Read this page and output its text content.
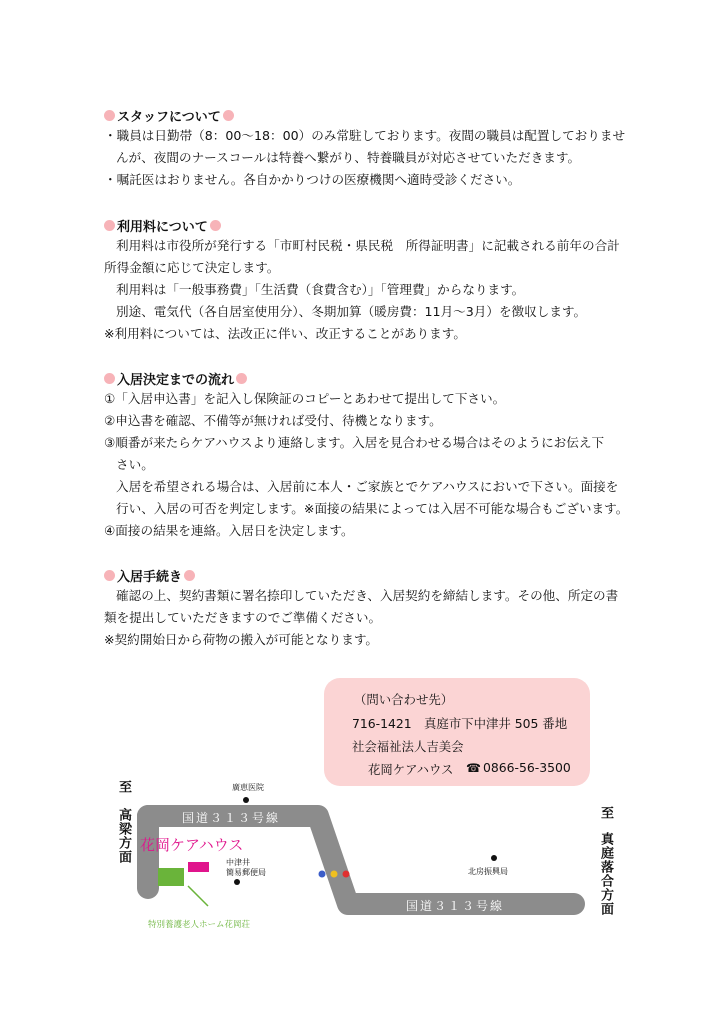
スタッフについて
・職員は日勤帯（8：00〜18：00）のみ常駐しております。夜間の職員は配置しておりませ
んが、夜間のナースコールは特養へ繋がり、特養職員が対応させていただきます。
・嘱託医はおりません。各自かかりつけの医療機関へ適時受診ください。
利用料について
利用料は市役所が発行する「市町村民税・県民税　所得証明書」に記載される前年の合計
所得金額に応じて決定します。
利用料は「一般事務費」「生活費（食費含む）」「管理費」からなります。
別途、電気代（各自居室使用分）、冬期加算（暖房費：11月〜3月）を徴収します。
※利用料については、法改正に伴い、改正することがあります。
入居決定までの流れ
①「入居申込書」を記入し保険証のコピーとあわせて提出して下さい。
②申込書を確認、不備等が無ければ受付、待機となります。
③順番が来たらケアハウスより連絡します。入居を見合わせる場合はそのようにお伝え下
さい。
入居を希望される場合は、入居前に本人・ご家族とでケアハウスにおいで下さい。面接を
行い、入居の可否を判定します。※面接の結果によっては入居不可能な場合もございます。
④面接の結果を連絡。入居日を決定します。
入居手続き
確認の上、契約書類に署名捺印していただき、入居契約を締結します。その他、所定の書
類を提出していただきますのでご準備ください。
※契約開始日から荷物の搬入が可能となります。
（問い合わせ先）
716-1421　真庭市下中津井 505 番地
社会福祉法人吉美会
花岡ケアハウス ☎ 0866-56-3500
至
高梁方面	至
真庭落合方面
国道３１３号線
国道３１３号線
廣恵医院
花岡ケアハウス
中津井
簡易郵便局	北房振興局
特別養護老人ホーム花岡荘
